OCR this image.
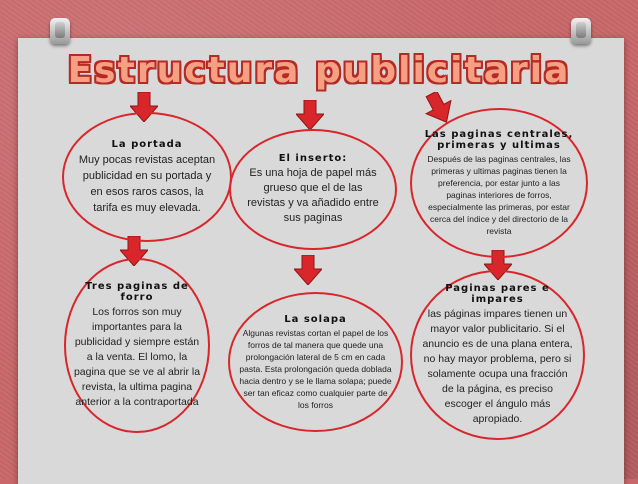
Estructura publicitaria
La portada
Muy pocas revistas aceptan publicidad en su portada y en esos raros casos, la tarifa es muy elevada.
El inserto:
Es una hoja de papel más grueso que el de las revistas y va añadido entre sus paginas
Las paginas centrales, primeras y ultimas
Después de las paginas centrales, las primeras y ultimas paginas tienen la preferencia, por estar junto a las paginas interiores de forros, especialmente las primeras, por estar cerca del índice y del directorio de la revista
Tres paginas de forro
Los forros son muy importantes para la publicidad y siempre están a la venta. El lomo, la pagina que se ve al abrir la revista, la ultima pagina anterior a la contraportada
La solapa
Algunas revistas cortan el papel de los forros de tal manera que quede una prolongación lateral de 5 cm en cada pasta. Esta prolongación queda doblada hacia dentro y se le llama solapa; puede ser tan eficaz como cualquier parte de los forros
Paginas pares e impares
las páginas impares tienen un mayor valor publicitario. Si el anuncio es de una plana entera, no hay mayor problema, pero si solamente ocupa una fracción de la página, es preciso escoger el ángulo más apropiado.
